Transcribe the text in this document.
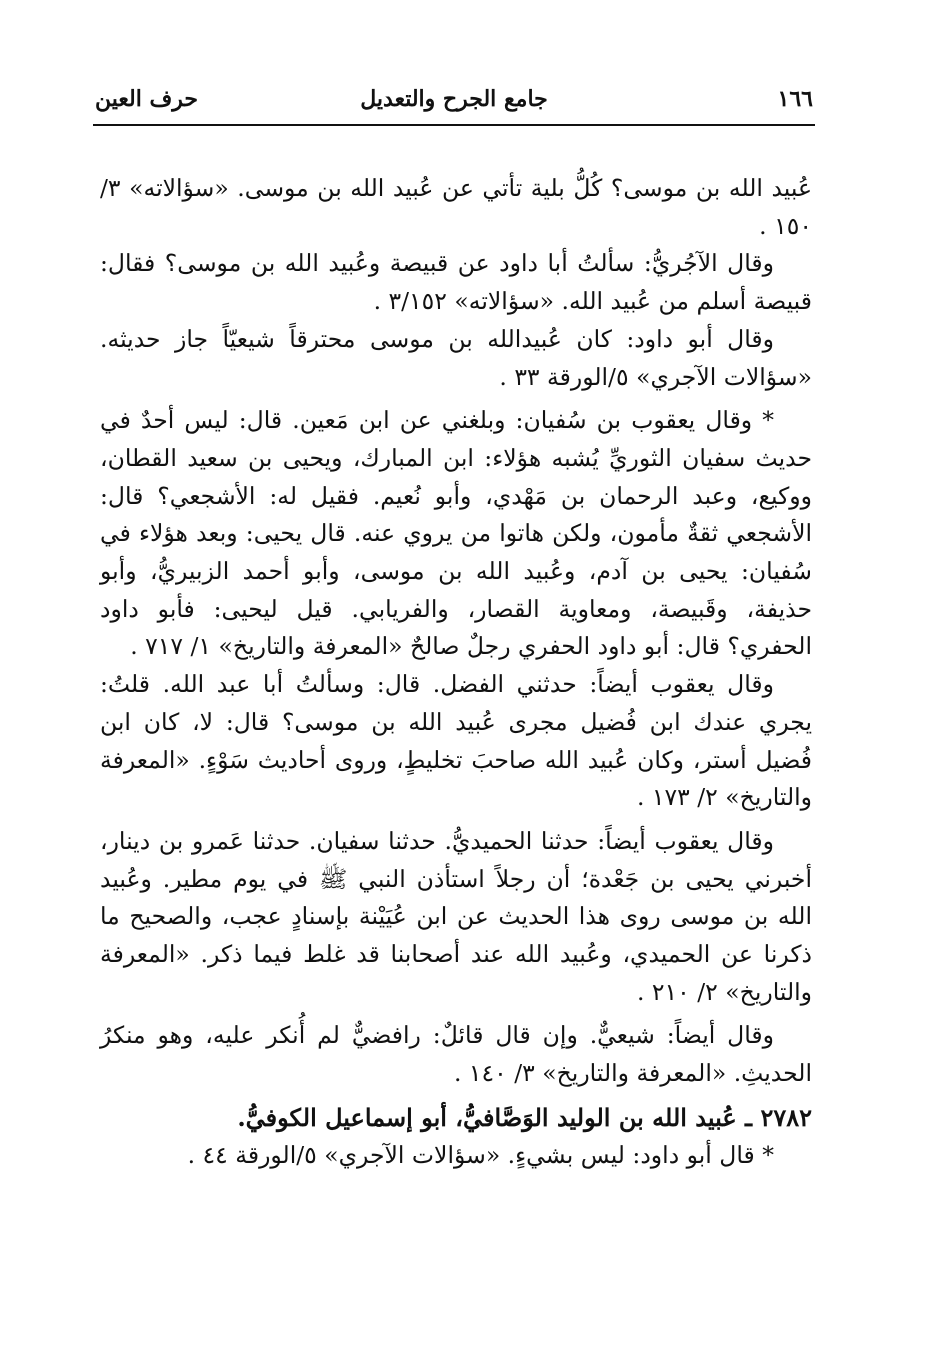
١٦٦
جامع الجرح والتعديل
حرف العين

عُبيد الله بن موسى؟ كُلُّ بلية تأتي عن عُبيد الله بن موسى. «سؤالاته» ٣/ ١٥٠ .

وقال الآجُريُّ: سألتُ أبا داود عن قبيصة وعُبيد الله بن موسى؟ فقال: قبيصة أسلم من عُبيد الله. «سؤالاته» ٣/١٥٢ .

وقال أبو داود: كان عُبيدالله بن موسى محترقاً شيعيّاً جاز حديثه. «سؤالات الآجري» ٥/الورقة ٣٣ .

* وقال يعقوب بن سُفيان: وبلغني عن ابن مَعين. قال: ليس أحدٌ في حديث سفيان الثوريِّ يُشبه هؤلاء: ابن المبارك، ويحيى بن سعيد القطان، ووكيع، وعبد الرحمان بن مَهْدي، وأبو نُعيم. فقيل له: الأشجعي؟ قال: الأشجعي ثقةٌ مأمون، ولكن هاتوا من يروي عنه. قال يحيى: وبعد هؤلاء في سُفيان: يحيى بن آدم، وعُبيد الله بن موسى، وأبو أحمد الزبيريُّ، وأبو حذيفة، وقَبيصة، ومعاوية القصار، والفريابي. قيل ليحيى: فأبو داود الحفري؟ قال: أبو داود الحفري رجلٌ صالحٌ «المعرفة والتاريخ» ١/ ٧١٧ .

وقال يعقوب أيضاً: حدثني الفضل. قال: وسألتُ أبا عبد الله. قلتُ: يجري عندك ابن فُضيل مجرى عُبيد الله بن موسى؟ قال: لا، كان ابن فُضيل أستر، وكان عُبيد الله صاحبَ تخليطٍ، وروى أحاديث سَوْءٍ. «المعرفة والتاريخ» ٢/ ١٧٣ .

وقال يعقوب أيضاً: حدثنا الحميديُّ. حدثنا سفيان. حدثنا عَمرو بن دينار، أخبرني يحيى بن جَعْدة؛ أن رجلاً استأذن النبي ﷺ في يوم مطير. وعُبيد الله بن موسى روى هذا الحديث عن ابن عُيَيْنة بإسنادٍ عجب، والصحيح ما ذكرنا عن الحميدي، وعُبيد الله عند أصحابنا قد غلط فيما ذكر. «المعرفة والتاريخ» ٢/ ٢١٠ .

وقال أيضاً: شيعيٌّ. وإن قال قائلٌ: رافضيٌّ لم أُنكر عليه، وهو منكرُ الحديثِ. «المعرفة والتاريخ» ٣/ ١٤٠ .

٢٧٨٢ ـ عُبيد الله بن الوليد الوَصَّافيُّ، أبو إسماعيل الكوفيُّ.

* قال أبو داود: ليس بشيءٍ. «سؤالات الآجري» ٥/الورقة ٤٤ .
